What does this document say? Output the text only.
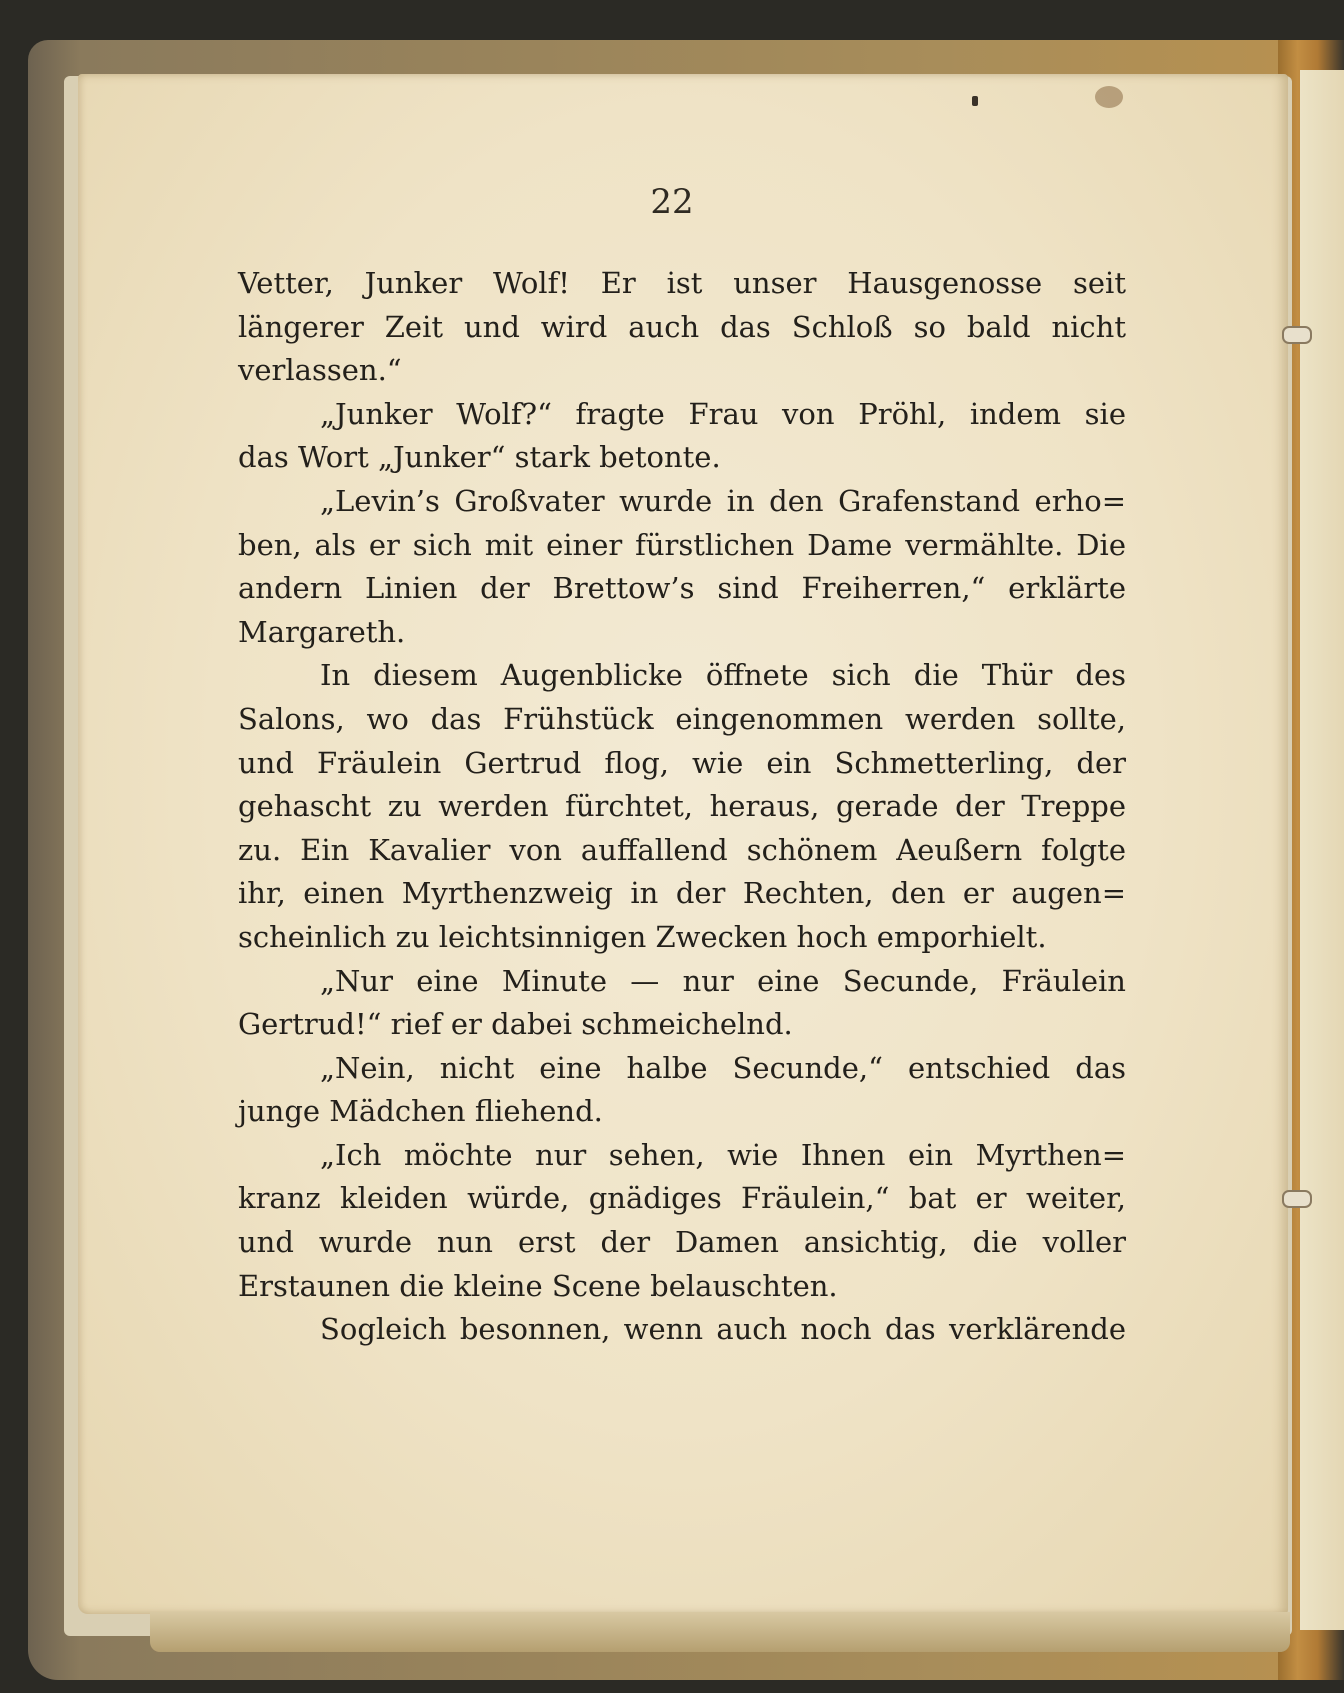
22
Vetter, Junker Wolf! Er ist unser Hausgenosse seit
längerer Zeit und wird auch das Schloß so bald nicht
verlassen.“
„Junker Wolf?“ fragte Frau von Pröhl, indem sie
das Wort „Junker“ stark betonte.
„Levin’s Großvater wurde in den Grafenstand erho=
ben, als er sich mit einer fürstlichen Dame vermählte. Die
andern Linien der Brettow’s sind Freiherren,“ erklärte
Margareth.
In diesem Augenblicke öffnete sich die Thür des
Salons, wo das Frühstück eingenommen werden sollte,
und Fräulein Gertrud flog, wie ein Schmetterling, der
gehascht zu werden fürchtet, heraus, gerade der Treppe
zu. Ein Kavalier von auffallend schönem Aeußern folgte
ihr, einen Myrthenzweig in der Rechten, den er augen=
scheinlich zu leichtsinnigen Zwecken hoch emporhielt.
„Nur eine Minute — nur eine Secunde, Fräulein
Gertrud!“ rief er dabei schmeichelnd.
„Nein, nicht eine halbe Secunde,“ entschied das
junge Mädchen fliehend.
„Ich möchte nur sehen, wie Ihnen ein Myrthen=
kranz kleiden würde, gnädiges Fräulein,“ bat er weiter,
und wurde nun erst der Damen ansichtig, die voller
Erstaunen die kleine Scene belauschten.
Sogleich besonnen, wenn auch noch das verklärende
